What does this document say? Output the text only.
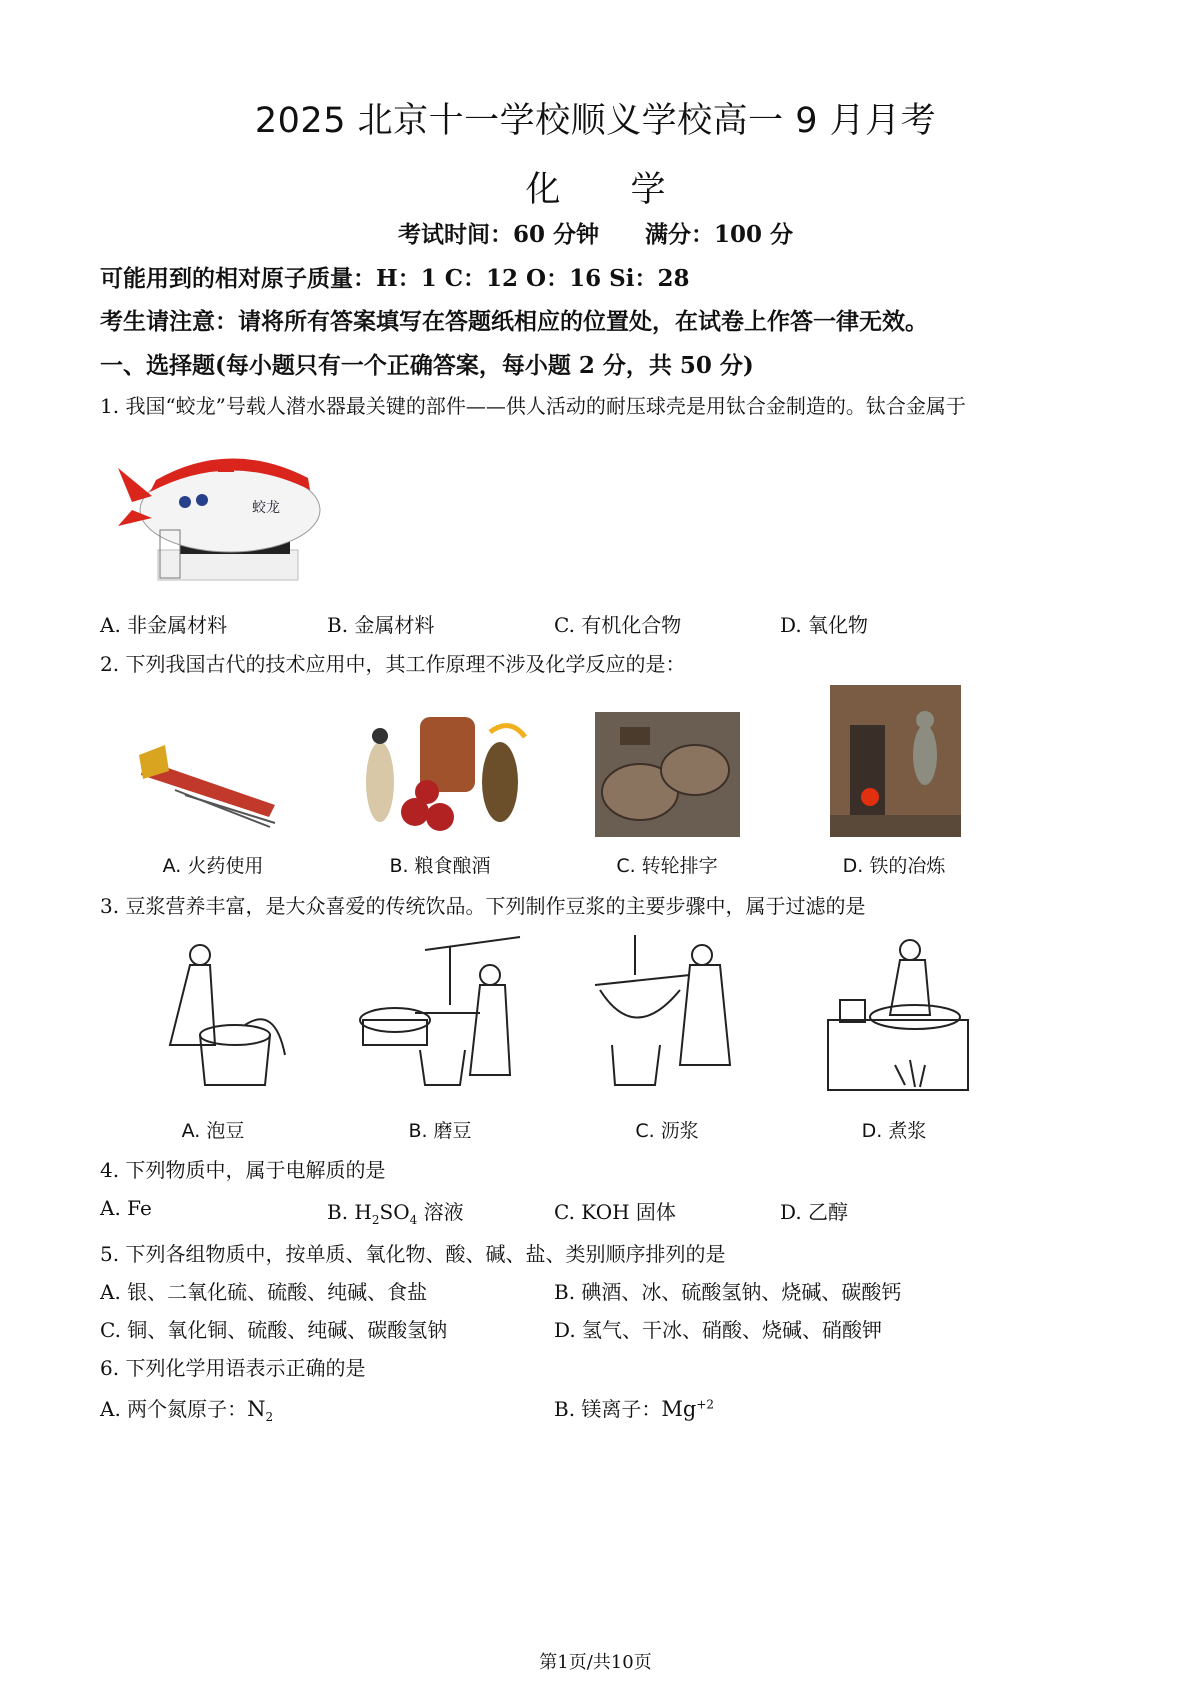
2025 北京十一学校顺义学校高一 9 月月考
化学
考试时间：60 分钟　　满分：100 分
可能用到的相对原子质量：H：1 C：12 O：16 Si：28
考生请注意：请将所有答案填写在答题纸相应的位置处，在试卷上作答一律无效。
一、选择题(每小题只有一个正确答案，每小题 2 分，共 50 分)
1. 我国“蛟龙”号载人潜水器最关键的部件——供人活动的耐压球壳是用钛合金制造的。钛合金属于
蛟龙
A. 非金属材料	B. 金属材料	C. 有机化合物	D. 氧化物
2. 下列我国古代的技术应用中，其工作原理不涉及化学反应的是：
A. 火药使用	B. 粮食酿酒	C. 转轮排字	D. 铁的冶炼
3. 豆浆营养丰富，是大众喜爱的传统饮品。下列制作豆浆的主要步骤中，属于过滤的是
A. 泡豆	B. 磨豆	C. 沥浆	D. 煮浆
4. 下列物质中，属于电解质的是
A. Fe	B. $H_2SO_4$ 溶液	C. KOH 固体	D. 乙醇
5. 下列各组物质中，按单质、氧化物、酸、碱、盐、类别顺序排列的是
A. 银、二氧化硫、硫酸、纯碱、食盐	B. 碘酒、冰、硫酸氢钠、烧碱、碳酸钙
C. 铜、氧化铜、硫酸、纯碱、碳酸氢钠	D. 氢气、干冰、硝酸、烧碱、硝酸钾
6. 下列化学用语表示正确的是
A. 两个氮原子：$N_2$	B. 镁离子：$Mg^{+2}$
第1页/共10页
